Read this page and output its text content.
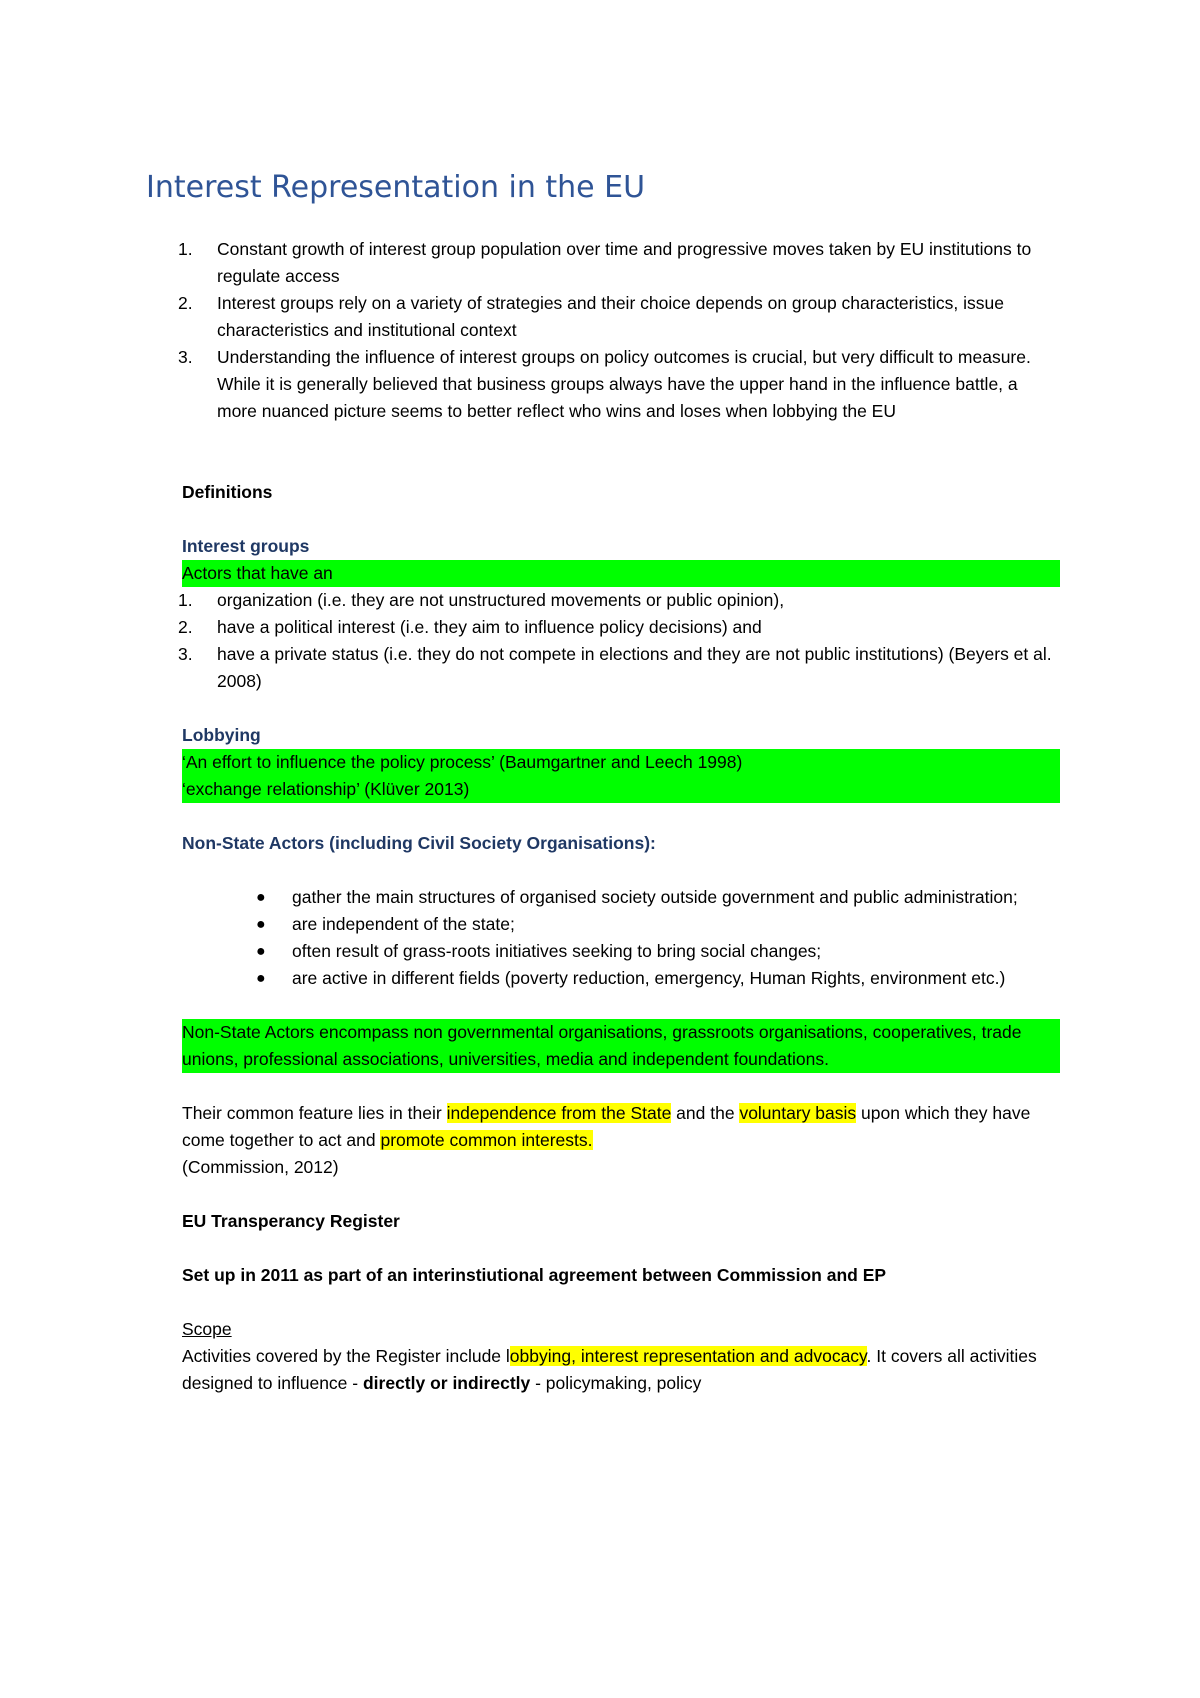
Interest Representation in the EU
1. Constant growth of interest group population over time and progressive moves taken by EU institutions to regulate access
2. Interest groups rely on a variety of strategies and their choice depends on group characteristics, issue characteristics and institutional context
3. Understanding the influence of interest groups on policy outcomes is crucial, but very difficult to measure. While it is generally believed that business groups always have the upper hand in the influence battle, a more nuanced picture seems to better reflect who wins and loses when lobbying the EU

Definitions

Interest groups

Actors that have an

1. organization (i.e. they are not unstructured movements or public opinion),
2. have a political interest (i.e. they aim to influence policy decisions) and
3. have a private status (i.e. they do not compete in elections and they are not public institutions) (Beyers et al. 2008)

Lobbying

‘An effort to influence the policy process’ (Baumgartner and Leech 1998)

‘exchange relationship’ (Klüver 2013)

Non-State Actors (including Civil Society Organisations):

● gather the main structures of organised society outside government and public administration;
● are independent of the state;
● often result of grass-roots initiatives seeking to bring social changes;
● are active in different fields (poverty reduction, emergency, Human Rights, environment etc.)

Non-State Actors encompass non governmental organisations, grassroots organisations, cooperatives, trade unions, professional associations, universities, media and independent foundations.

Their common feature lies in their independence from the State and the voluntary basis upon which they have come together to act and promote common interests.

(Commission, 2012)

EU Transperancy Register

Set up in 2011 as part of an interinstiutional agreement between Commission and EP

Scope

Activities covered by the Register include lobbying, interest representation and advocacy. It covers all activities designed to influence - directly or indirectly - policymaking, policy
